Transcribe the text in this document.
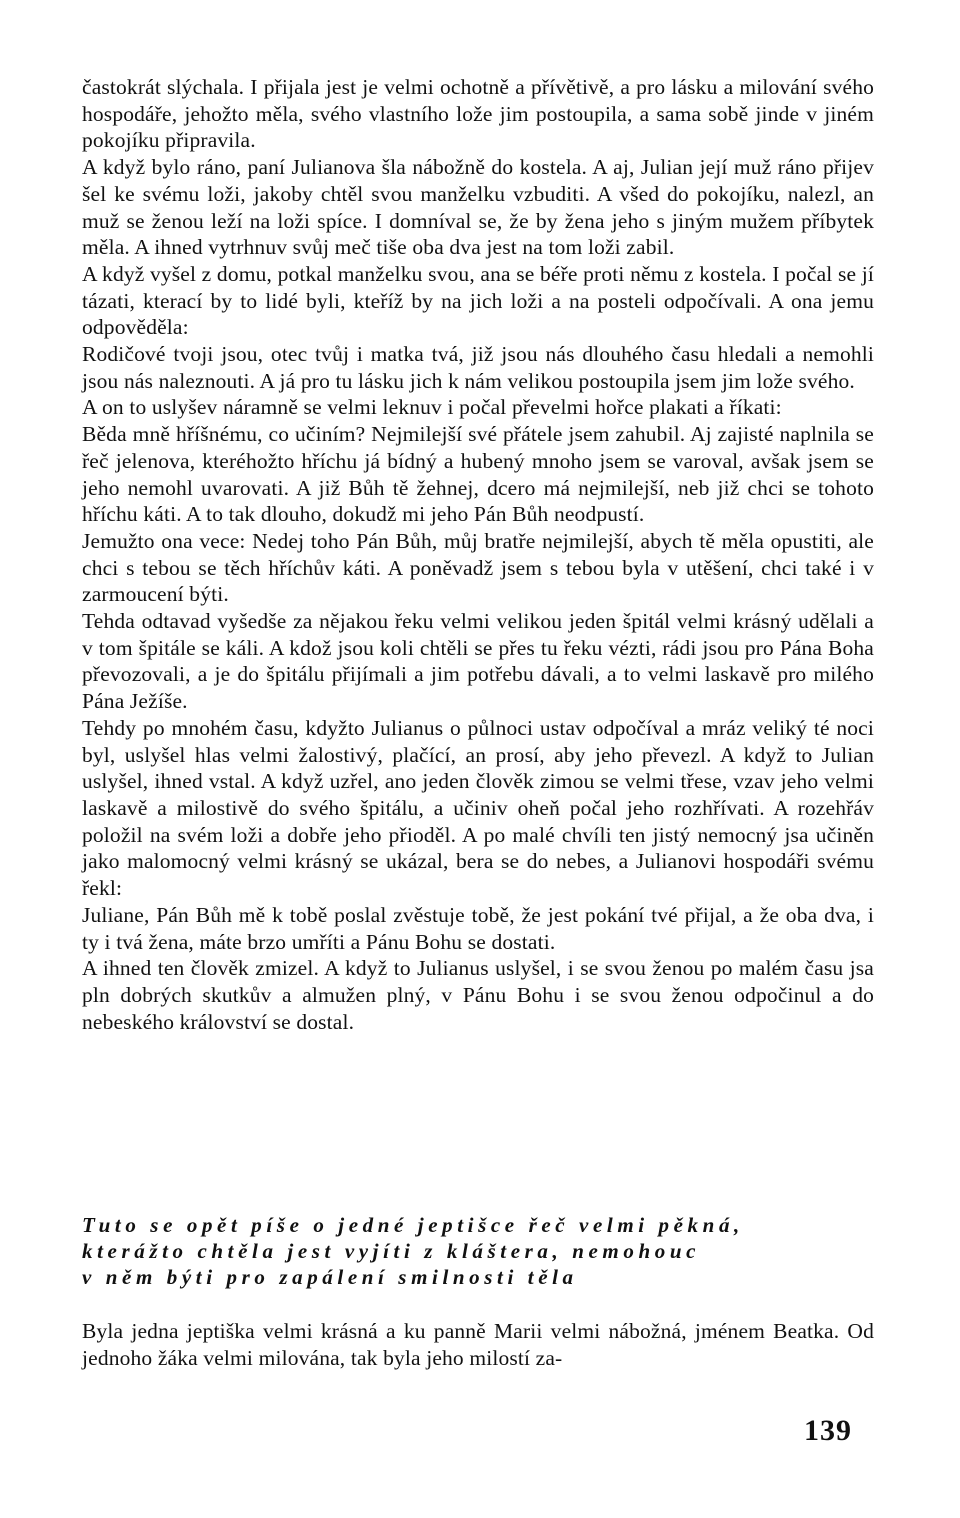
častokrát slýchala. I přijala jest je velmi ochotně a přívětivě, a pro lásku a milování svého hospodáře, jehožto měla, svého vlastního lože jim postoupila, a sama sobě jinde v jiném pokojíku připravila.

A když bylo ráno, paní Julianova šla nábožně do kostela. A aj, Julian její muž ráno přijev šel ke svému loži, jakoby chtěl svou manželku vzbuditi. A všed do pokojíku, nalezl, an muž se ženou leží na loži spíce. I domníval se, že by žena jeho s jiným mužem příbytek měla. A ihned vytrhnuv svůj meč tiše oba dva jest na tom loži zabil.

A když vyšel z domu, potkal manželku svou, ana se béře proti němu z kostela. I počal se jí tázati, kterací by to lidé byli, kteříž by na jich loži a na posteli odpočívali. A ona jemu odpověděla:

Rodičové tvoji jsou, otec tvůj i matka tvá, již jsou nás dlouhého času hledali a nemohli jsou nás naleznouti. A já pro tu lásku jich k nám velikou postoupila jsem jim lože svého.

A on to uslyšev náramně se velmi leknuv i počal převelmi hořce plakati a říkati:

Běda mně hříšnému, co učiním? Nejmilejší své přátele jsem zahubil. Aj zajisté naplnila se řeč jelenova, kteréhožto hříchu já bídný a hubený mnoho jsem se varoval, avšak jsem se jeho nemohl uvarovati. A již Bůh tě žehnej, dcero má nejmilejší, neb již chci se tohoto hříchu káti. A to tak dlouho, dokudž mi jeho Pán Bůh neodpustí.

Jemužto ona vece: Nedej toho Pán Bůh, můj bratře nejmilejší, abych tě měla opustiti, ale chci s tebou se těch hříchův káti. A poněvadž jsem s tebou byla v utěšení, chci také i v zarmoucení býti.

Tehda odtavad vyšedše za nějakou řeku velmi velikou jeden špitál velmi krásný udělali a v tom špitále se káli. A kdož jsou koli chtěli se přes tu řeku vézti, rádi jsou pro Pána Boha převozovali, a je do špitálu přijímali a jim potřebu dávali, a to velmi laskavě pro milého Pána Ježíše.

Tehdy po mnohém času, kdyžto Julianus o půlnoci ustav odpočíval a mráz veliký té noci byl, uslyšel hlas velmi žalostivý, plačící, an prosí, aby jeho převezl. A když to Julian uslyšel, ihned vstal. A když uzřel, ano jeden člověk zimou se velmi třese, vzav jeho velmi laskavě a milostivě do svého špitálu, a učiniv oheň počal jeho rozhřívati. A rozehřáv položil na svém loži a dobře jeho přioděl. A po malé chvíli ten jistý nemocný jsa učiněn jako malomocný velmi krásný se ukázal, bera se do nebes, a Julianovi hospodáři svému řekl:

Juliane, Pán Bůh mě k tobě poslal zvěstuje tobě, že jest pokání tvé přijal, a že oba dva, i ty i tvá žena, máte brzo umříti a Pánu Bohu se dostati.

A ihned ten člověk zmizel. A když to Julianus uslyšel, i se svou ženou po malém času jsa pln dobrých skutkův a almužen plný, v Pánu Bohu i se svou ženou odpočinul a do nebeského království se dostal.

Tuto se opět píše o jedné jeptišce řeč velmi pěkná,
kterážto chtěla jest vyjíti z kláštera, nemohouc
v něm býti pro zapálení smilnosti těla

Byla jedna jeptiška velmi krásná a ku panně Marii velmi nábožná, jménem Beatka. Od jednoho žáka velmi milována, tak byla jeho milostí za-

139
